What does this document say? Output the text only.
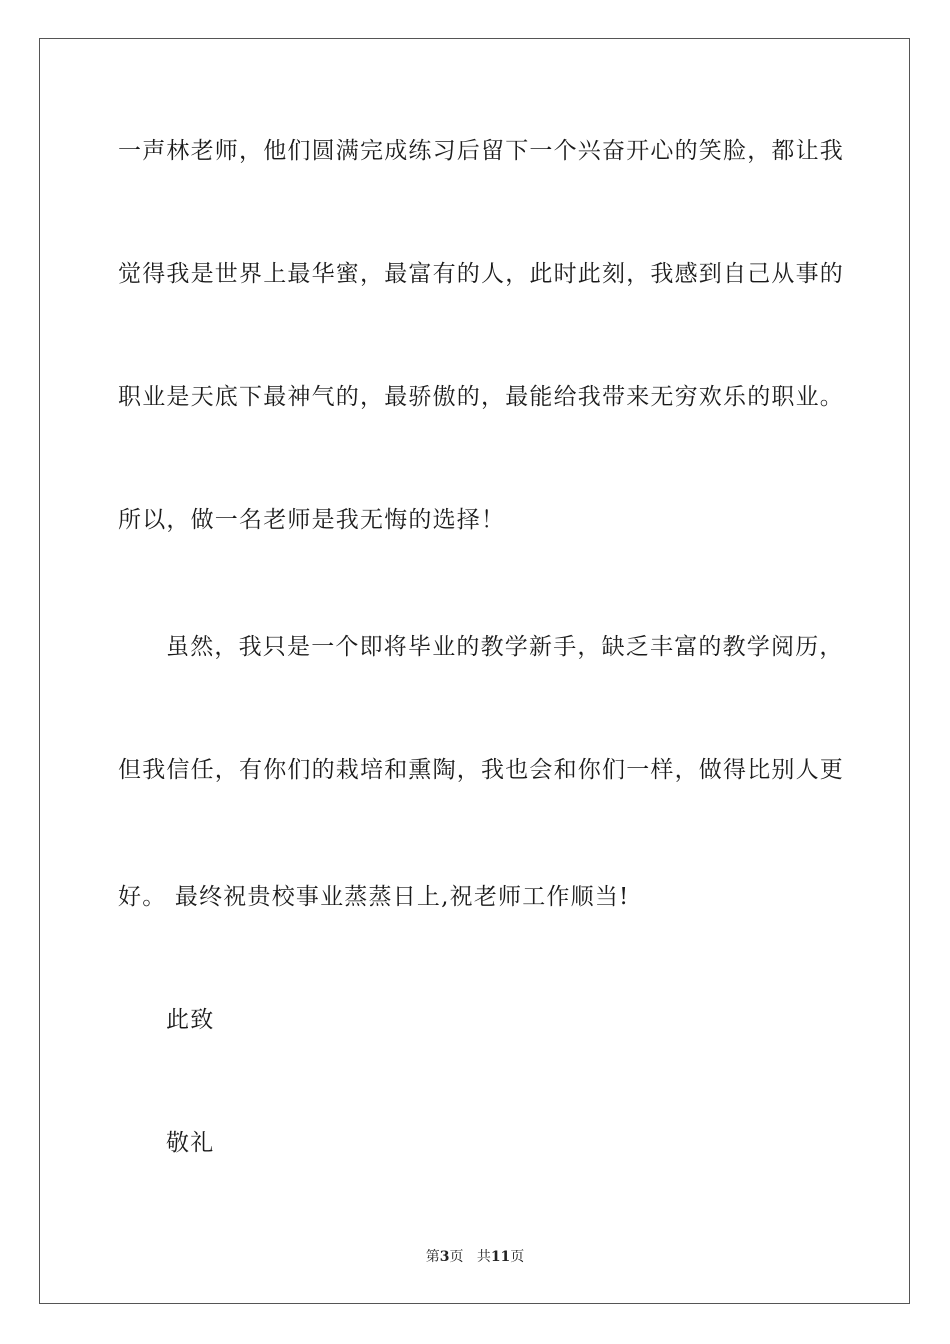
一声林老师，他们圆满完成练习后留下一个兴奋开心的笑脸，都让我
觉得我是世界上最华蜜，最富有的人，此时此刻，我感到自己从事的
职业是天底下最神气的，最骄傲的，最能给我带来无穷欢乐的职业。
所以，做一名老师是我无悔的选择！
虽然，我只是一个即将毕业的教学新手，缺乏丰富的教学阅历，
但我信任，有你们的栽培和熏陶，我也会和你们一样，做得比别人更
好。 最终祝贵校事业蒸蒸日上,祝老师工作顺当!
此致
敬礼
第3页 共11页
